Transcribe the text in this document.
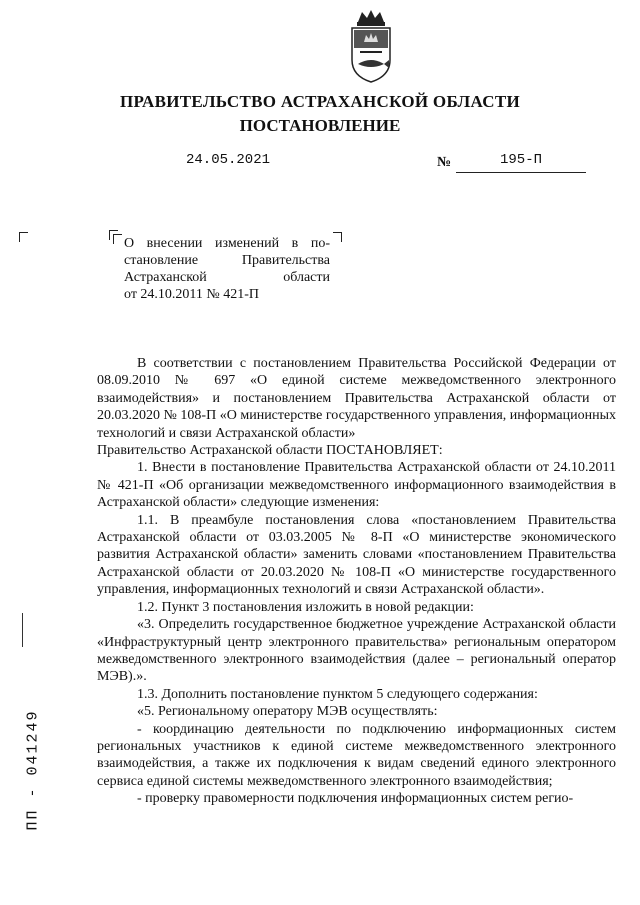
ПРАВИТЕЛЬСТВО АСТРАХАНСКОЙ ОБЛАСТИ
ПОСТАНОВЛЕНИЕ
24.05.2021	№	195-П
О внесении изменений в по-
становление Правительства
Астраханской области
от 24.10.2011 № 421-П

В соответствии с постановлением Правительства Российской Федерации от 08.09.2010 № 697 «О единой системе межведомственного электронного взаимодействия» и постановлением Правительства Астраханской области от 20.03.2020 № 108-П «О министерстве государственного управления, информационных технологий и связи Астраханской области»

Правительство Астраханской области ПОСТАНОВЛЯЕТ:

1. Внести в постановление Правительства Астраханской области от 24.10.2011 № 421-П «Об организации межведомственного информационного взаимодействия в Астраханской области» следующие изменения:

1.1. В преамбуле постановления слова «постановлением Правительства Астраханской области от 03.03.2005 № 8-П «О министерстве экономического развития Астраханской области» заменить словами «постановлением Правительства Астраханской области от 20.03.2020 № 108-П «О министерстве государственного управления, информационных технологий и связи Астраханской области».

1.2. Пункт 3 постановления изложить в новой редакции:

«3. Определить государственное бюджетное учреждение Астраханской области «Инфраструктурный центр электронного правительства» региональным оператором межведомственного электронного взаимодействия (далее – региональный оператор МЭВ).».

1.3. Дополнить постановление пунктом 5 следующего содержания:

«5. Региональному оператору МЭВ осуществлять:

- координацию деятельности по подключению информационных систем региональных участников к единой системе межведомственного электронного взаимодействия, а также их подключения к видам сведений единого электронного сервиса единой системы межведомственного электронного взаимодействия;

- проверку правомерности подключения информационных систем регио-

ПП - 041249
